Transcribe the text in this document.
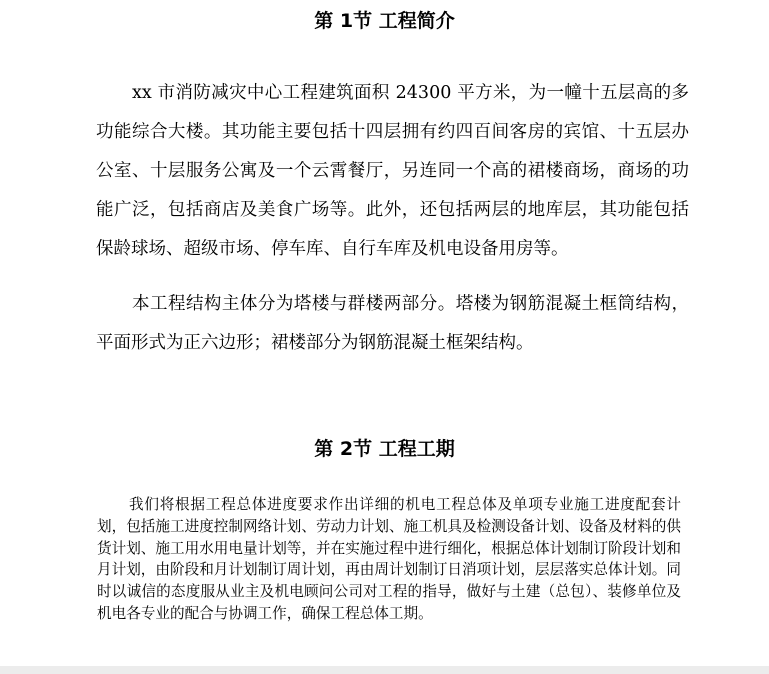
第 1节 工程简介

xx 市消防减灾中心工程建筑面积 24300 平方米，为一幢十五层高的多功能综合大楼。其功能主要包括十四层拥有约四百间客房的宾馆、十五层办公室、十层服务公寓及一个云霄餐厅，另连同一个高的裙楼商场，商场的功能广泛，包括商店及美食广场等。此外，还包括两层的地库层，其功能包括保龄球场、超级市场、停车库、自行车库及机电设备用房等。

本工程结构主体分为塔楼与群楼两部分。塔楼为钢筋混凝土框筒结构，平面形式为正六边形；裙楼部分为钢筋混凝土框架结构。

第 2节 工程工期

我们将根据工程总体进度要求作出详细的机电工程总体及单项专业施工进度配套计划，包括施工进度控制网络计划、劳动力计划、施工机具及检测设备计划、设备及材料的供货计划、施工用水用电量计划等，并在实施过程中进行细化，根据总体计划制订阶段计划和月计划，由阶段和月计划制订周计划，再由周计划制订日消项计划，层层落实总体计划。同时以诚信的态度服从业主及机电顾问公司对工程的指导，做好与土建（总包）、装修单位及机电各专业的配合与协调工作，确保工程总体工期。
